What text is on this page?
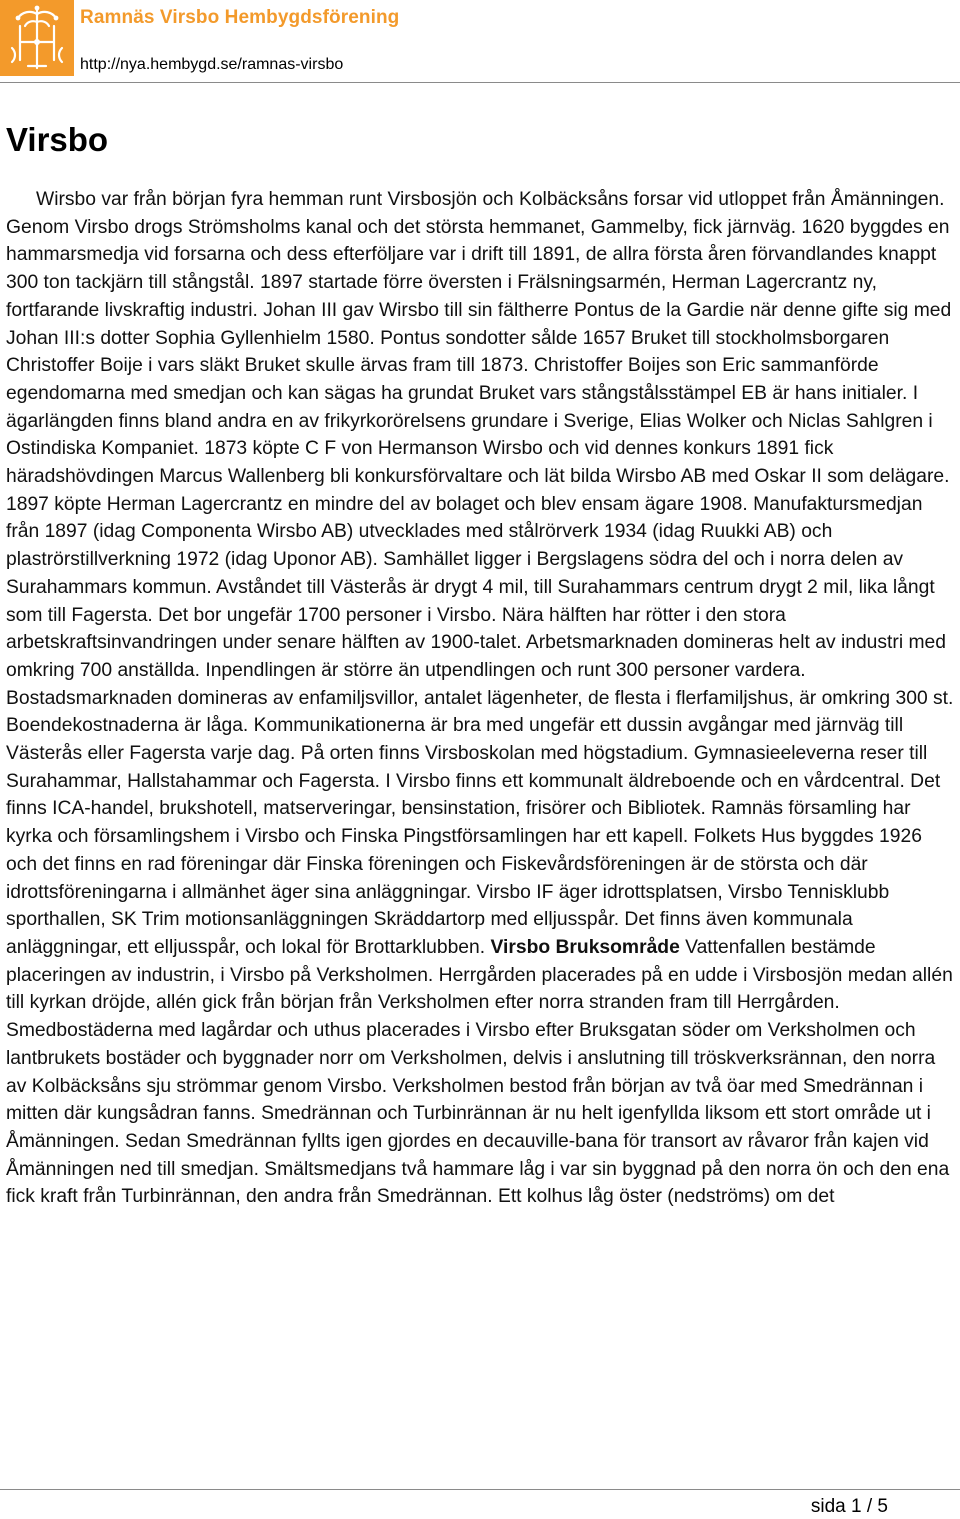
Ramnäs Virsbo Hembygdsförening
http://nya.hembygd.se/ramnas-virsbo
Virsbo

Wirsbo var från början fyra hemman runt Virsbosjön och Kolbäcksåns forsar vid utloppet från Åmänningen. Genom Virsbo drogs Strömsholms kanal och det största hemmanet, Gammelby, fick järnväg. 1620 byggdes en hammarsmedja vid forsarna och dess efterföljare var i drift till 1891, de allra första åren förvandlandes knappt 300 ton tackjärn till stångstål. 1897 startade förre översten i Frälsningsarmén, Herman Lagercrantz ny, fortfarande livskraftig industri. Johan III gav Wirsbo till sin fältherre Pontus de la Gardie när denne gifte sig med Johan III:s dotter Sophia Gyllenhielm 1580. Pontus sondotter sålde 1657 Bruket till stockholmsborgaren Christoffer Boije i vars släkt Bruket skulle ärvas fram till 1873. Christoffer Boijes son Eric sammanförde egendomarna med smedjan och kan sägas ha grundat Bruket vars stångstålsstämpel EB är hans initialer. I ägarlängden finns bland andra en av frikyrkorörelsens grundare i Sverige, Elias Wolker och Niclas Sahlgren i Ostindiska Kompaniet. 1873 köpte C F von Hermanson Wirsbo och vid dennes konkurs 1891 fick häradshövdingen Marcus Wallenberg bli konkursförvaltare och lät bilda Wirsbo AB med Oskar II som delägare. 1897 köpte Herman Lagercrantz en mindre del av bolaget och blev ensam ägare 1908. Manufaktursmedjan från 1897 (idag Componenta Wirsbo AB) utvecklades med stålrörverk 1934 (idag Ruukki AB) och plaströrstillverkning 1972 (idag Uponor AB). Samhället ligger i Bergslagens södra del och i norra delen av Surahammars kommun. Avståndet till Västerås är drygt 4 mil, till Surahammars centrum drygt 2 mil, lika långt som till Fagersta. Det bor ungefär 1700 personer i Virsbo. Nära hälften har rötter i den stora arbetskraftsinvandringen under senare hälften av 1900-talet. Arbetsmarknaden domineras helt av industri med omkring 700 anställda. Inpendlingen är större än utpendlingen och runt 300 personer vardera. Bostadsmarknaden domineras av enfamiljsvillor, antalet lägenheter, de flesta i flerfamiljshus, är omkring 300 st. Boendekostnaderna är låga. Kommunikationerna är bra med ungefär ett dussin avgångar med järnväg till Västerås eller Fagersta varje dag. På orten finns Virsboskolan med högstadium. Gymnasieeleverna reser till Surahammar, Hallstahammar och Fagersta. I Virsbo finns ett kommunalt äldreboende och en vårdcentral. Det finns ICA-handel, brukshotell, matserveringar, bensinstation, frisörer och Bibliotek. Ramnäs församling har kyrka och församlingshem i Virsbo och Finska Pingstförsamlingen har ett kapell. Folkets Hus byggdes 1926 och det finns en rad föreningar där Finska föreningen och Fiskevårdsföreningen är de största och där idrottsföreningarna i allmänhet äger sina anläggningar. Virsbo IF äger idrottsplatsen, Virsbo Tennisklubb sporthallen, SK Trim motionsanläggningen Skräddartorp med elljusspår. Det finns även kommunala anläggningar, ett elljusspår, och lokal för Brottarklubben. Virsbo Bruksområde Vattenfallen bestämde placeringen av industrin, i Virsbo på Verksholmen. Herrgården placerades på en udde i Virsbosjön medan allén till kyrkan dröjde, allén gick från början från Verksholmen efter norra stranden fram till Herrgården. Smedbostäderna med lagårdar och uthus placerades i Virsbo efter Bruksgatan söder om Verksholmen och lantbrukets bostäder och byggnader norr om Verksholmen, delvis i anslutning till tröskverksrännan, den norra av Kolbäcksåns sju strömmar genom Virsbo. Verksholmen bestod från början av två öar med Smedrännan i mitten där kungsådran fanns. Smedrännan och Turbinrännan är nu helt igenfyllda liksom ett stort område ut i Åmänningen. Sedan Smedrännan fyllts igen gjordes en decauville-bana för transort av råvaror från kajen vid Åmänningen ned till smedjan. Smältsmedjans två hammare låg i var sin byggnad på den norra ön och den ena fick kraft från Turbinrännan, den andra från Smedrännan. Ett kolhus låg öster (nedströms) om det

sida 1 / 5
